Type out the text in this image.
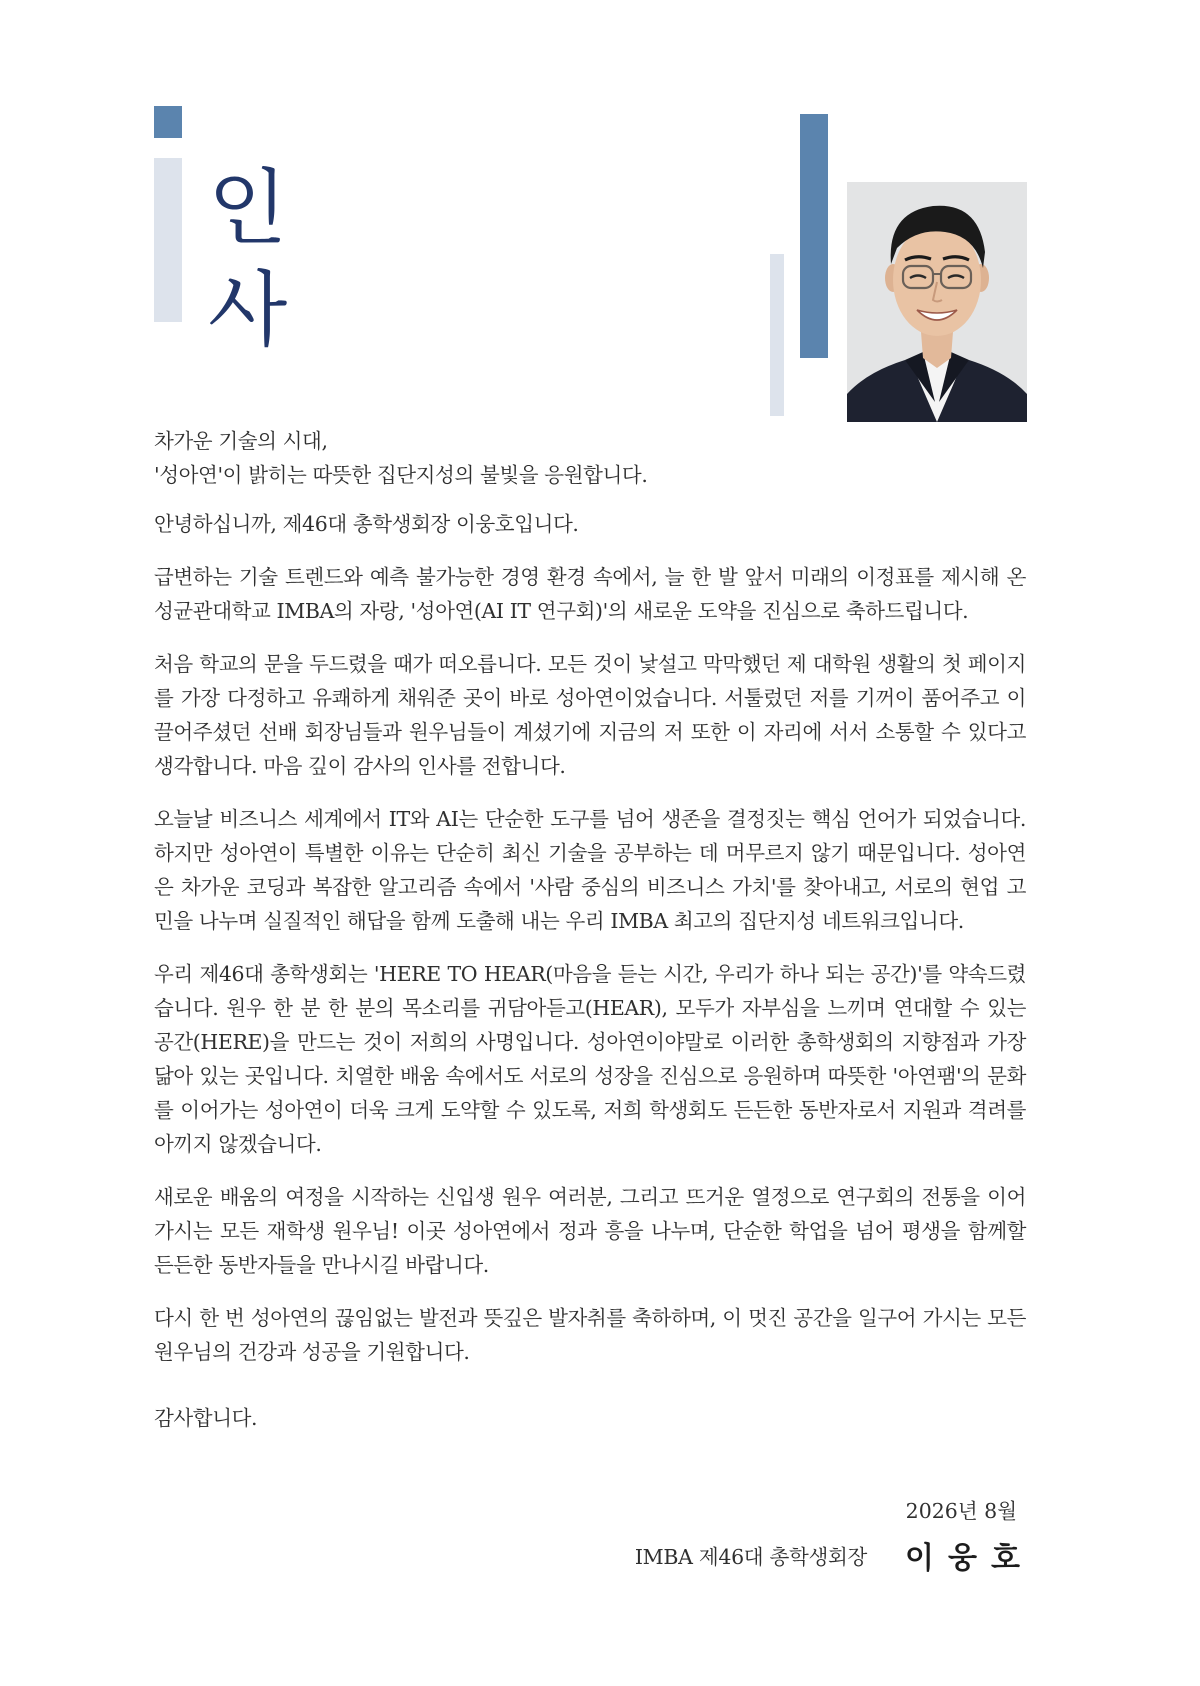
인
사

차가운 기술의 시대,
'성아연'이 밝히는 따뜻한 집단지성의 불빛을 응원합니다.

안녕하십니까, 제46대 총학생회장 이웅호입니다.

급변하는 기술 트렌드와 예측 불가능한 경영 환경 속에서, 늘 한 발 앞서 미래의 이정표를 제시해 온 성균관대학교 IMBA의 자랑, '성아연(AI IT 연구회)'의 새로운 도약을 진심으로 축하드립니다.

처음 학교의 문을 두드렸을 때가 떠오릅니다. 모든 것이 낯설고 막막했던 제 대학원 생활의 첫 페이지를 가장 다정하고 유쾌하게 채워준 곳이 바로 성아연이었습니다. 서툴렀던 저를 기꺼이 품어주고 이끌어주셨던 선배 회장님들과 원우님들이 계셨기에 지금의 저 또한 이 자리에 서서 소통할 수 있다고 생각합니다. 마음 깊이 감사의 인사를 전합니다.

오늘날 비즈니스 세계에서 IT와 AI는 단순한 도구를 넘어 생존을 결정짓는 핵심 언어가 되었습니다. 하지만 성아연이 특별한 이유는 단순히 최신 기술을 공부하는 데 머무르지 않기 때문입니다. 성아연은 차가운 코딩과 복잡한 알고리즘 속에서 '사람 중심의 비즈니스 가치'를 찾아내고, 서로의 현업 고민을 나누며 실질적인 해답을 함께 도출해 내는 우리 IMBA 최고의 집단지성 네트워크입니다.

우리 제46대 총학생회는 'HERE TO HEAR(마음을 듣는 시간, 우리가 하나 되는 공간)'를 약속드렸습니다. 원우 한 분 한 분의 목소리를 귀담아듣고(HEAR), 모두가 자부심을 느끼며 연대할 수 있는 공간(HERE)을 만드는 것이 저희의 사명입니다. 성아연이야말로 이러한 총학생회의 지향점과 가장 닮아 있는 곳입니다. 치열한 배움 속에서도 서로의 성장을 진심으로 응원하며 따뜻한 '아연팸'의 문화를 이어가는 성아연이 더욱 크게 도약할 수 있도록, 저희 학생회도 든든한 동반자로서 지원과 격려를 아끼지 않겠습니다.

새로운 배움의 여정을 시작하는 신입생 원우 여러분, 그리고 뜨거운 열정으로 연구회의 전통을 이어가시는 모든 재학생 원우님! 이곳 성아연에서 정과 흥을 나누며, 단순한 학업을 넘어 평생을 함께할 든든한 동반자들을 만나시길 바랍니다.

다시 한 번 성아연의 끊임없는 발전과 뜻깊은 발자취를 축하하며, 이 멋진 공간을 일구어 가시는 모든 원우님의 건강과 성공을 기원합니다.

감사합니다.

2026년 8월
IMBA 제46대 총학생회장 이웅호
